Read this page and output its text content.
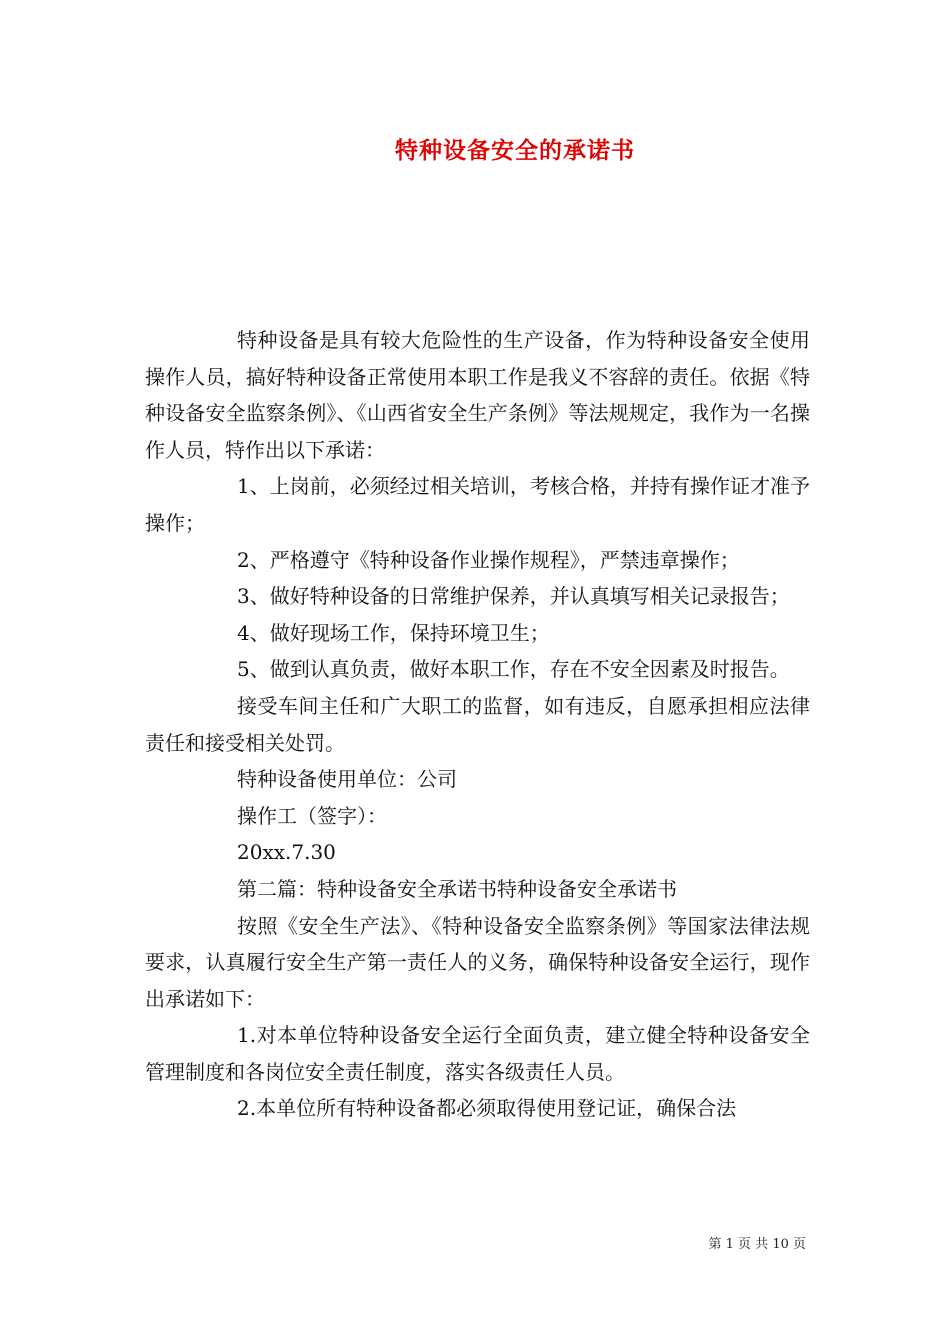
特种设备安全的承诺书

特种设备是具有较大危险性的生产设备，作为特种设备安全使用操作人员，搞好特种设备正常使用本职工作是我义不容辞的责任。依据《特种设备安全监察条例》、《山西省安全生产条例》等法规规定，我作为一名操作人员，特作出以下承诺：

1、上岗前，必须经过相关培训，考核合格，并持有操作证才准予操作；

2、严格遵守《特种设备作业操作规程》，严禁违章操作；

3、做好特种设备的日常维护保养，并认真填写相关记录报告；

4、做好现场工作，保持环境卫生；

5、做到认真负责，做好本职工作，存在不安全因素及时报告。

接受车间主任和广大职工的监督，如有违反，自愿承担相应法律责任和接受相关处罚。

特种设备使用单位：公司

操作工（签字）：

20xx.7.30

第二篇：特种设备安全承诺书特种设备安全承诺书

按照《安全生产法》、《特种设备安全监察条例》等国家法律法规要求，认真履行安全生产第一责任人的义务，确保特种设备安全运行，现作出承诺如下：

1.对本单位特种设备安全运行全面负责，建立健全特种设备安全管理制度和各岗位安全责任制度，落实各级责任人员。

2.本单位所有特种设备都必须取得使用登记证，确保合法

第 1 页 共 10 页
